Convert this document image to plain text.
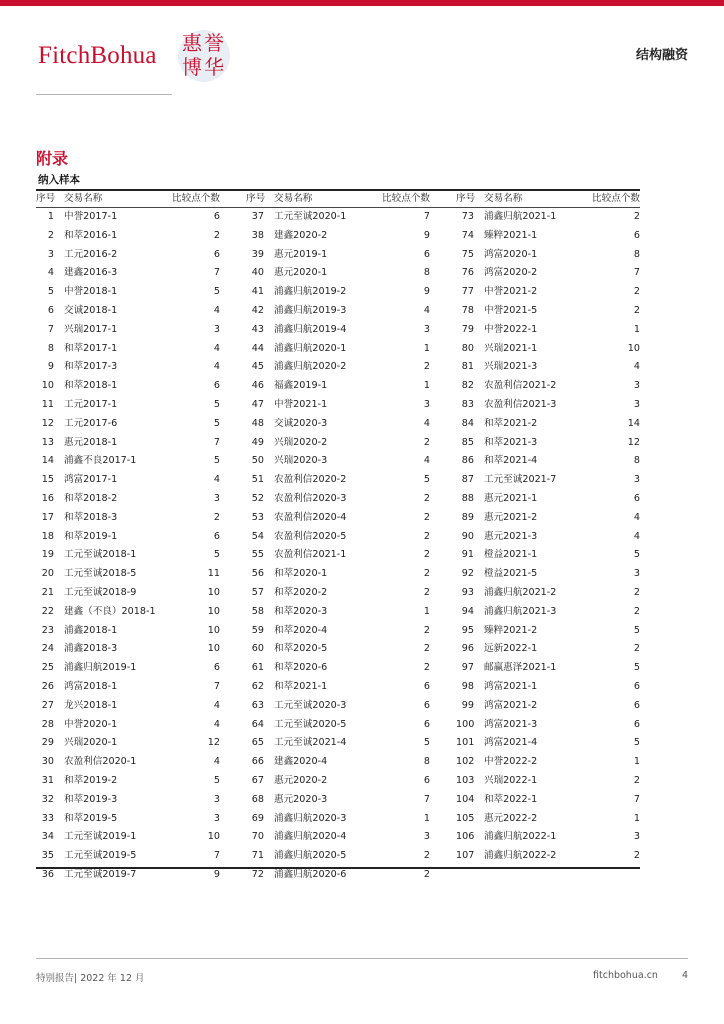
FitchBohua 惠 誉
博 华	结构融资
附录
纳入样本
序号 交易名称	比较点个数
1 中誉2017-1	6
2 和萃2016-1	2
3 工元2016-2	6
4 建鑫2016-3	7
5 中誉2018-1	5
6 交诚2018-1	4
7 兴瑞2017-1	3
8 和萃2017-1	4
9 和萃2017-3	4
10 和萃2018-1	6
11 工元2017-1	5
12 工元2017-6	5
13 惠元2018-1	7
14 浦鑫不良2017-1	5
15 鸿富2017-1	4
16 和萃2018-2	3
17 和萃2018-3	2
18 和萃2019-1	6
19 工元至诚2018-1	5
20 工元至诚2018-5	11
21 工元至诚2018-9	10
22 建鑫（不良）2018-1	10
23 浦鑫2018-1	10
24 浦鑫2018-3	10
25 浦鑫归航2019-1	6
26 鸿富2018-1	7
27 龙兴2018-1	4
28 中誉2020-1	4
29 兴瑞2020-1	12
30 农盈利信2020-1	4
31 和萃2019-2	5
32 和萃2019-3	3
33 和萃2019-5	3
34 工元至诚2019-1	10
35 工元至诚2019-5	7
36 工元至诚2019-7	9
序号 交易名称	比较点个数
37 工元至诚2020-1	7
38 建鑫2020-2	9
39 惠元2019-1	6
40 惠元2020-1	8
41 浦鑫归航2019-2	9
42 浦鑫归航2019-3	4
43 浦鑫归航2019-4	3
44 浦鑫归航2020-1	1
45 浦鑫归航2020-2	2
46 福鑫2019-1	1
47 中誉2021-1	3
48 交诚2020-3	4
49 兴瑞2020-2	2
50 兴瑞2020-3	4
51 农盈利信2020-2	5
52 农盈利信2020-3	2
53 农盈利信2020-4	2
54 农盈利信2020-5	2
55 农盈利信2021-1	2
56 和萃2020-1	2
57 和萃2020-2	2
58 和萃2020-3	1
59 和萃2020-4	2
60 和萃2020-5	2
61 和萃2020-6	2
62 和萃2021-1	6
63 工元至诚2020-3	6
64 工元至诚2020-5	6
65 工元至诚2021-4	5
66 建鑫2020-4	8
67 惠元2020-2	6
68 惠元2020-3	7
69 浦鑫归航2020-3	1
70 浦鑫归航2020-4	3
71 浦鑫归航2020-5	2
72 浦鑫归航2020-6	2
序号 交易名称	比较点个数
73 浦鑫归航2021-1	2
74 臻粹2021-1	6
75 鸿富2020-1	8
76 鸿富2020-2	7
77 中誉2021-2	2
78 中誉2021-5	2
79 中誉2022-1	1
80 兴瑞2021-1	10
81 兴瑞2021-3	4
82 农盈利信2021-2	3
83 农盈利信2021-3	3
84 和萃2021-2	14
85 和萃2021-3	12
86 和萃2021-4	8
87 工元至诚2021-7	3
88 惠元2021-1	6
89 惠元2021-2	4
90 惠元2021-3	4
91 橙益2021-1	5
92 橙益2021-5	3
93 浦鑫归航2021-2	2
94 浦鑫归航2021-3	2
95 臻粹2021-2	5
96 远新2022-1	2
97 邮赢惠泽2021-1	5
98 鸿富2021-1	6
99 鸿富2021-2	6
100 鸿富2021-3	6
101 鸿富2021-4	5
102 中誉2022-2	1
103 兴瑞2022-1	2
104 和萃2022-1	7
105 惠元2022-2	1
106 浦鑫归航2022-1	3
107 浦鑫归航2022-2	2
特别报告| 2022 年 12 月	fitchbohua.cn	4
